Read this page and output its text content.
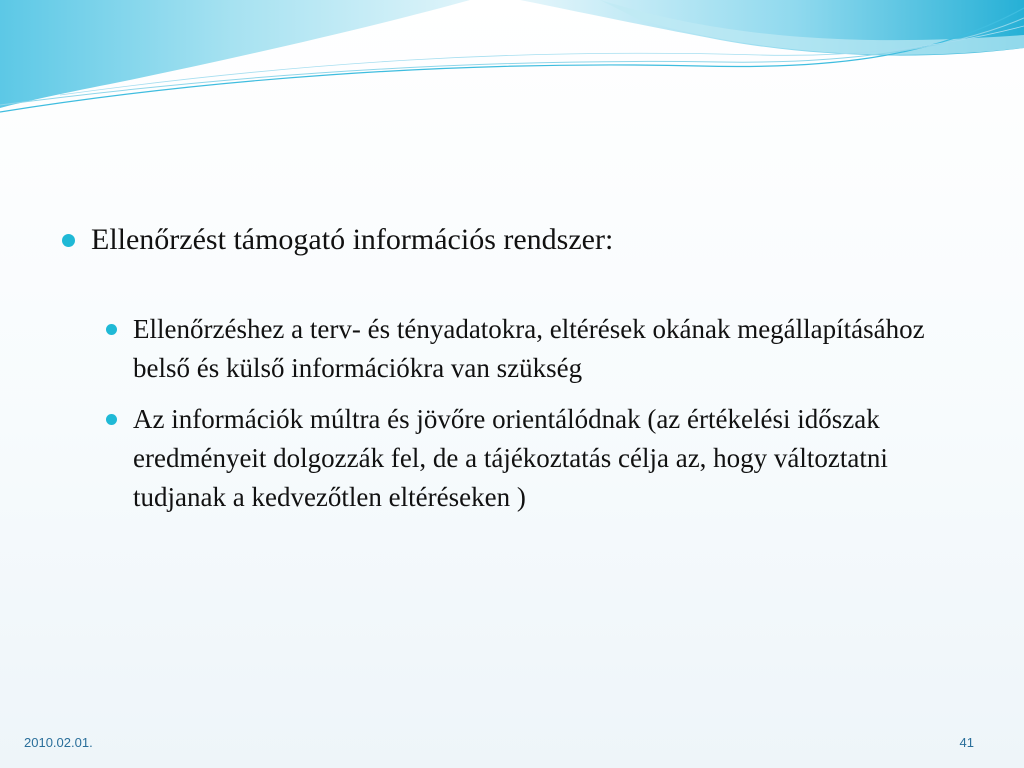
Ellenőrzést támogató információs rendszer:
Ellenőrzéshez a terv- és tényadatokra, eltérések okának megállapításához belső és külső információkra van szükség
Az információk múltra és jövőre orientálódnak (az értékelési időszak eredményeit dolgozzák fel, de a tájékoztatás célja az, hogy változtatni tudjanak a kedvezőtlen eltéréseken )
2010.02.01.	41
